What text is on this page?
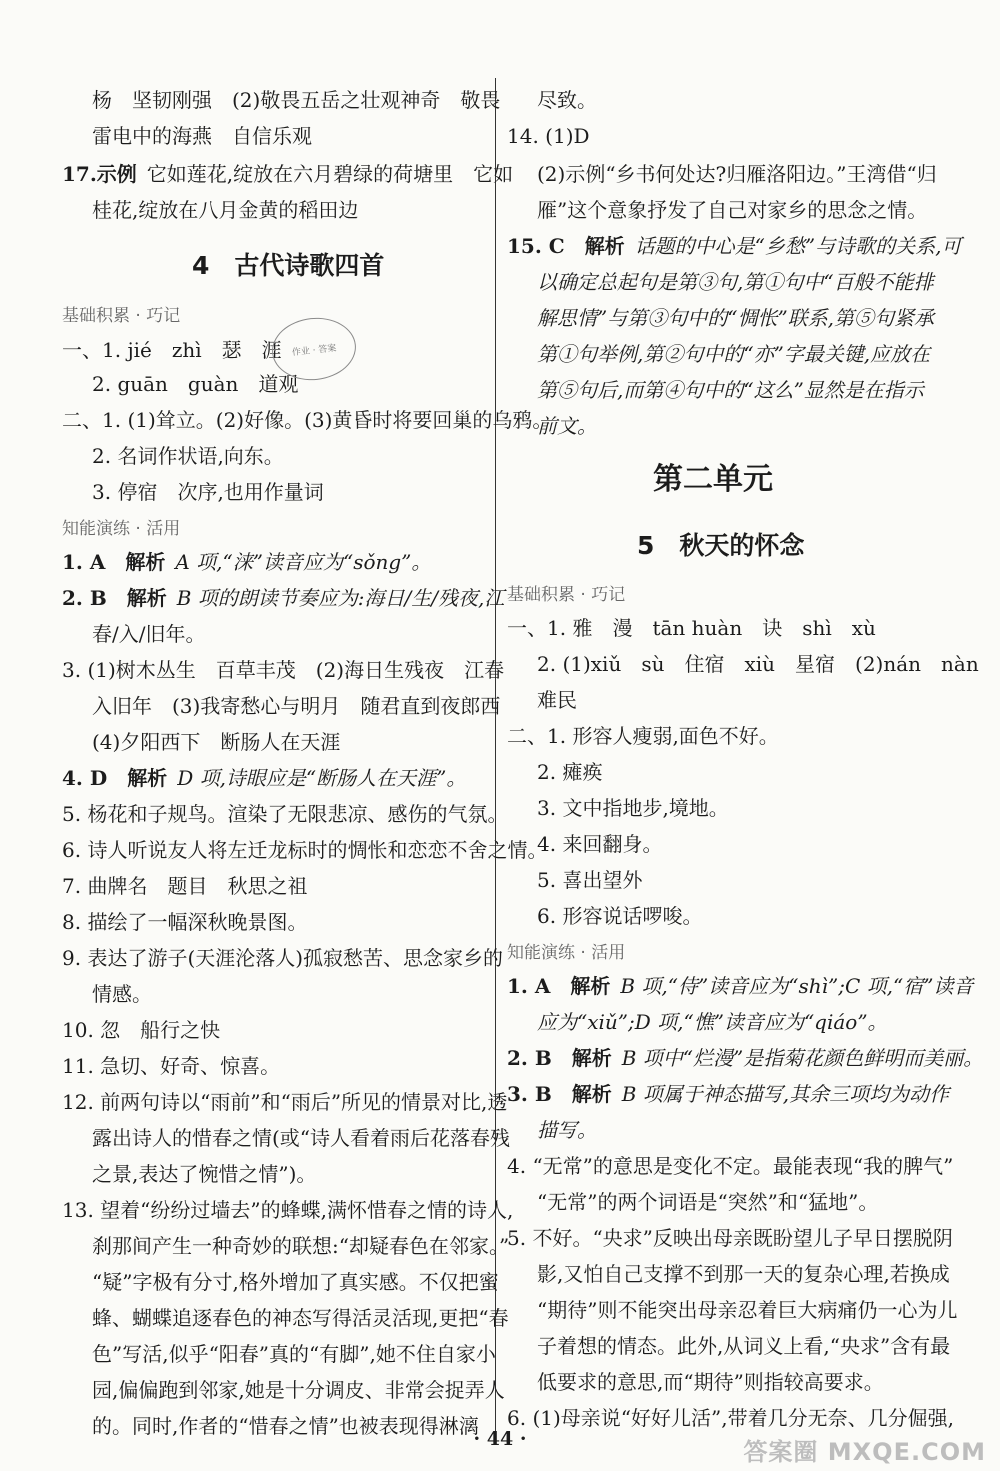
杨　坚韧刚强　(2)敬畏五岳之壮观神奇　敬畏
雷电中的海燕　自信乐观
17.示例 它如莲花,绽放在六月碧绿的荷塘里　它如
桂花,绽放在八月金黄的稻田边
4　古代诗歌四首
基础积累 · 巧记
一、1. jié　zhì　瑟　涯
2. guān　guàn　道观
二、1. (1)耸立。(2)好像。(3)黄昏时将要回巢的乌鸦。
2. 名词作状语,向东。
3. 停宿　次序,也用作量词
知能演练 · 活用
1. A　 解析 A 项,“涞”读音应为“sǒng”。
2. B　 解析 B 项的朗读节奏应为:海日/生/残夜,江
春/入/旧年。
3. (1)树木丛生　百草丰茂　(2)海日生残夜　江春
入旧年　(3)我寄愁心与明月　随君直到夜郎西
(4)夕阳西下　断肠人在天涯
4. D　 解析 D 项,诗眼应是“断肠人在天涯”。
5. 杨花和子规鸟。渲染了无限悲凉、感伤的气氛。
6. 诗人听说友人将左迁龙标时的惆怅和恋恋不舍之情。
7. 曲牌名　题目　秋思之祖
8. 描绘了一幅深秋晚景图。
9. 表达了游子(天涯沦落人)孤寂愁苦、思念家乡的
情感。
10. 忽　船行之快
11. 急切、好奇、惊喜。
12. 前两句诗以“雨前”和“雨后”所见的情景对比,透
露出诗人的惜春之情(或“诗人看着雨后花落春残
之景,表达了惋惜之情”)。
13. 望着“纷纷过墙去”的蜂蝶,满怀惜春之情的诗人,
刹那间产生一种奇妙的联想:“却疑春色在邻家。”
“疑”字极有分寸,格外增加了真实感。不仅把蜜
蜂、蝴蝶追逐春色的神态写得活灵活现,更把“春
色”写活,似乎“阳春”真的“有脚”,她不住自家小
园,偏偏跑到邻家,她是十分调皮、非常会捉弄人
的。同时,作者的“惜春之情”也被表现得淋漓
作业 · 答案
尽致。
14. (1)D
(2)示例“乡书何处达?归雁洛阳边。”王湾借“归
雁”这个意象抒发了自己对家乡的思念之情。
15. C　 解析 话题的中心是“乡愁”与诗歌的关系,可
以确定总起句是第③句,第①句中“百般不能排
解思情”与第③句中的“惆怅”联系,第⑤句紧承
第①句举例,第②句中的“亦”字最关键,应放在
第⑤句后,而第④句中的“这么”显然是在指示
前文。
第二单元
5　秋天的怀念
基础积累 · 巧记
一、1. 雅　漫　tān huàn　诀　shì　xù
2. (1)xiǔ　sù　住宿　xiù　星宿　(2)nán　nàn
难民
二、1. 形容人瘦弱,面色不好。
2. 瘫痪
3. 文中指地步,境地。
4. 来回翻身。
5. 喜出望外
6. 形容说话啰唆。
知能演练 · 活用
1. A　 解析 B 项,“侍”读音应为“shì”;C 项,“宿”读音
应为“xiǔ”;D 项,“憔”读音应为“qiáo”。
2. B　 解析 B 项中“烂漫”是指菊花颜色鲜明而美丽。
3. B　 解析 B 项属于神态描写,其余三项均为动作
描写。
4. “无常”的意思是变化不定。最能表现“我的脾气”
“无常”的两个词语是“突然”和“猛地”。
5. 不好。“央求”反映出母亲既盼望儿子早日摆脱阴
影,又怕自己支撑不到那一天的复杂心理,若换成
“期待”则不能突出母亲忍着巨大病痛仍一心为儿
子着想的情态。此外,从词义上看,“央求”含有最
低要求的意思,而“期待”则指较高要求。
6. (1)母亲说“好好儿活”,带着几分无奈、几分倔强,
· 44 ·	答案圈 MXQE.COM
